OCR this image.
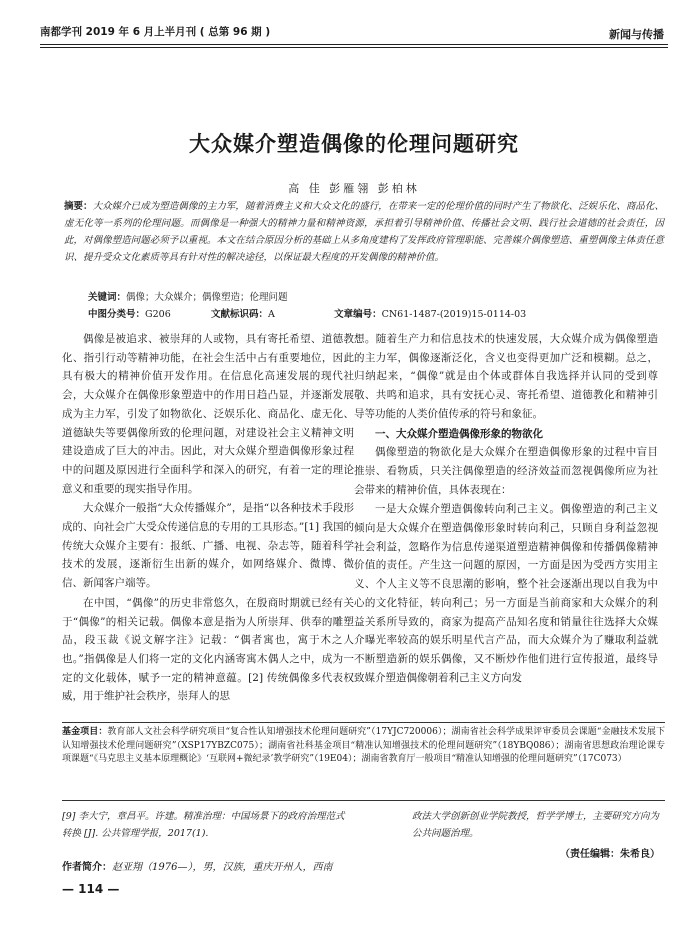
南都学刊 2019 年 6 月上半月刊 ( 总第 96 期 )	新闻与传播
大众媒介塑造偶像的伦理问题研究
高 佳 彭雁翎 彭柏林
摘要：大众媒介已成为塑造偶像的主力军，随着消费主义和大众文化的盛行，在带来一定的伦理价值的同时产生了物欲化、泛娱乐化、商品化、虚无化等一系列的伦理问题。而偶像是一种强大的精神力量和精神资源，承担着引导精神价值、传播社会文明、践行社会道德的社会责任，因此，对偶像塑造问题必须予以重视。本文在结合原因分析的基础上从多角度建构了发挥政府管理职能、完善媒介偶像塑造、重塑偶像主体责任意识、提升受众文化素质等具有针对性的解决途径，以保证最大程度的开发偶像的精神价值。
关键词：偶像；大众媒介；偶像塑造；伦理问题
中图分类号：G206	文献标识码：A	文章编号：CN61-1487-(2019)15-0114-03

偶像是被追求、被崇拜的人或物，具有寄托希望、道德教化、指引行动等精神功能，在社会生活中占有重要地位，因此具有极大的精神价值开发作用。在信息化高速发展的现代社会，大众媒介在偶像形象塑造中的作用日趋凸显，并逐渐发展成为主力军，引发了如物欲化、泛娱乐化、商品化、虚无化、道德缺失等要偶像所致的伦理问题，对建设社会主义精神文明建设造成了巨大的冲击。因此，对大众媒介塑造偶像形象过程中的问题及原因进行全面科学和深入的研究，有着一定的理论意义和重要的现实指导作用。

大众媒介一般指“大众传播媒介”，是指“以各种技术手段形成的、向社会广大受众传递信息的专用的工具形态。”[1] 我国的传统大众媒介主要有：报纸、广播、电视、杂志等，随着科学技术的发展，逐渐衍生出新的媒介，如网络媒介、微博、微信、新闻客户端等。

在中国，“偶像”的历史非常悠久，在殷商时期就已经有关于“偶像”的相关记载。偶像本意是指为人所崇拜、供奉的雕塑品，段玉裁《说文解字注》记载：“偶者寓也，寓于木之人也。”指偶像是人们将一定的文化内涵寄寓木偶人之中，成为一定的文化载体，赋予一定的精神意蕴。[2] 传统偶像多代表权威，用于维护社会秩序，崇拜人的思

想。随着生产力和信息技术的快速发展，大众媒介成为偶像塑造的主力军，偶像逐渐泛化，含义也变得更加广泛和模糊。总之，归纳起来，“偶像”就是由个体或群体自我选择并认同的受到尊敬、共鸣和追求，具有安抚心灵、寄托希望、道德教化和精神引导等功能的人类价值传承的符号和象征。

一、大众媒介塑造偶像形象的物欲化

偶像塑造的物欲化是大众媒介在塑造偶像形象的过程中盲目推崇、看物质，只关注偶像塑造的经济效益而忽视偶像所应为社会带来的精神价值，具体表现在：

一是大众媒介塑造偶像转向利己主义。偶像塑造的利己主义倾向是大众媒介在塑造偶像形象时转向利己，只顾自身利益忽视社会利益，忽略作为信息传递渠道塑造精神偶像和传播偶像精神价值的责任。产生这一问题的原因，一方面是因为受西方实用主义、个人主义等不良思潮的影响，整个社会逐渐出现以自我为中心的文化特征，转向利己；另一方面是当前商家和大众媒介的利益关系所导致的，商家为提高产品知名度和销量往往选择大众媒介曝光率较高的娱乐明星代言产品，而大众媒介为了赚取利益就不断塑造新的娱乐偶像，又不断炒作他们进行宣传报道，最终导致媒介塑造偶像朝着利己主义方向发

基金项目：教育部人文社会科学研究项目“复合性认知增强技术伦理问题研究”（17YJC720006）；湖南省社会科学成果评审委员会课题“金融技术发展下认知增强技术伦理问题研究”（XSP17YBZC075）；湖南省社科基金项目“精准认知增强技术的伦理问题研究”（18YBQ086）；湖南省思想政治理论课专项课题“《马克思主义基本原理概论》‘互联网+微纪录’教学研究”（19E04）；湖南省教育厅一般项目“精准认知增强的伦理问题研究”（17C073）
[9] 李大宁，章昌平。许建。精准治理：中国场景下的政府治理范式转换 [J]. 公共管理学报，2017(1).
政法大学创新创业学院教授，哲学学博士，主要研究方向为公共问题治理。
（责任编辑：朱希良）
作者简介：赵亚翔（1976—），男，汉族，重庆开州人，西南
— 114 —
